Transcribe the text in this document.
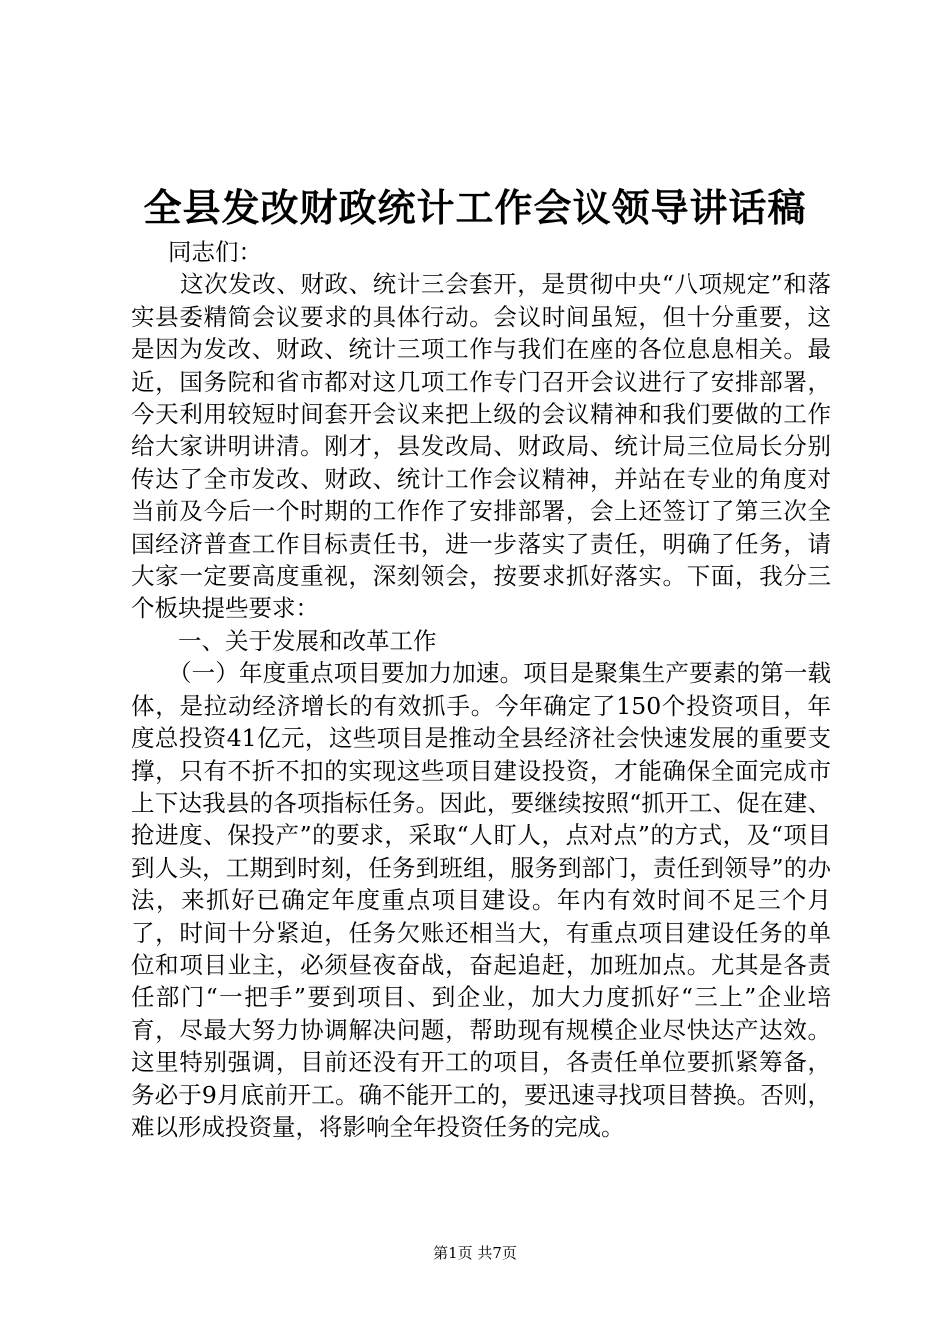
全县发改财政统计工作会议领导讲话稿

同志们：

这次发改、财政、统计三会套开，是贯彻中央“八项规定”和落实县委精简会议要求的具体行动。会议时间虽短，但十分重要，这是因为发改、财政、统计三项工作与我们在座的各位息息相关。最近，国务院和省市都对这几项工作专门召开会议进行了安排部署，今天利用较短时间套开会议来把上级的会议精神和我们要做的工作给大家讲明讲清。刚才，县发改局、财政局、统计局三位局长分别传达了全市发改、财政、统计工作会议精神，并站在专业的角度对当前及今后一个时期的工作作了安排部署，会上还签订了第三次全国经济普查工作目标责任书，进一步落实了责任，明确了任务，请大家一定要高度重视，深刻领会，按要求抓好落实。下面，我分三个板块提些要求：

一、关于发展和改革工作

（一）年度重点项目要加力加速。项目是聚集生产要素的第一载体，是拉动经济增长的有效抓手。今年确定了150个投资项目，年度总投资41亿元，这些项目是推动全县经济社会快速发展的重要支撑，只有不折不扣的实现这些项目建设投资，才能确保全面完成市上下达我县的各项指标任务。因此，要继续按照“抓开工、促在建、抢进度、保投产”的要求，采取“人盯人，点对点”的方式，及“项目到人头，工期到时刻，任务到班组，服务到部门，责任到领导”的办法，来抓好已确定年度重点项目建设。年内有效时间不足三个月了，时间十分紧迫，任务欠账还相当大，有重点项目建设任务的单位和项目业主，必须昼夜奋战，奋起追赶，加班加点。尤其是各责任部门“一把手”要到项目、到企业，加大力度抓好“三上”企业培育，尽最大努力协调解决问题，帮助现有规模企业尽快达产达效。这里特别强调，目前还没有开工的项目，各责任单位要抓紧筹备，务必于9月底前开工。确不能开工的，要迅速寻找项目替换。否则，难以形成投资量，将影响全年投资任务的完成。

第1页 共7页
